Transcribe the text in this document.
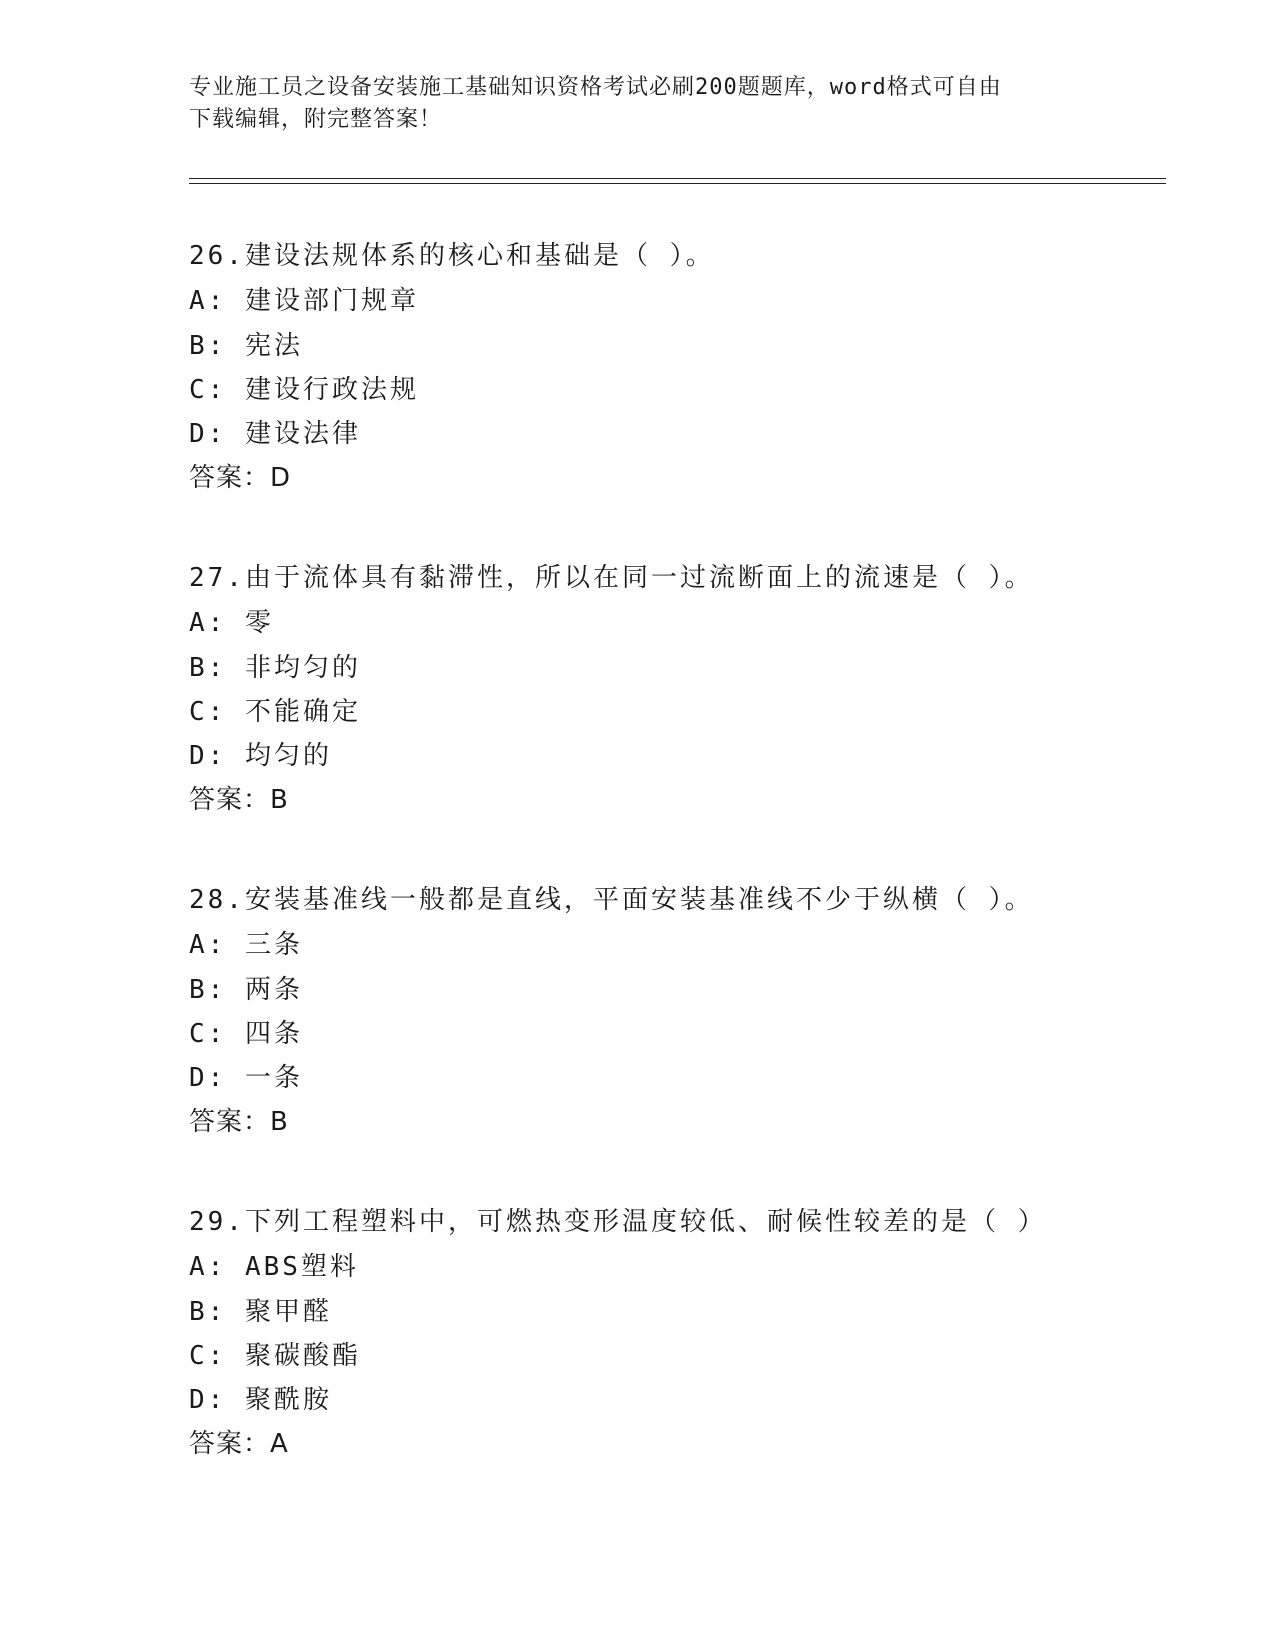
专业施工员之设备安装施工基础知识资格考试必刷200题题库，word格式可自由

下载编辑，附完整答案！

26.建设法规体系的核心和基础是（ ）。
A: 建设部门规章
B: 宪法
C: 建设行政法规
D: 建设法律
答案：D
27.由于流体具有黏滞性，所以在同一过流断面上的流速是（ ）。
A: 零
B: 非均匀的
C: 不能确定
D: 均匀的
答案：B
28.安装基准线一般都是直线，平面安装基准线不少于纵横（ ）。
A: 三条
B: 两条
C: 四条
D: 一条
答案：B
29.下列工程塑料中，可燃热变形温度较低、耐候性较差的是（ ）
A: ABS塑料
B: 聚甲醛
C: 聚碳酸酯
D: 聚酰胺
答案：A
